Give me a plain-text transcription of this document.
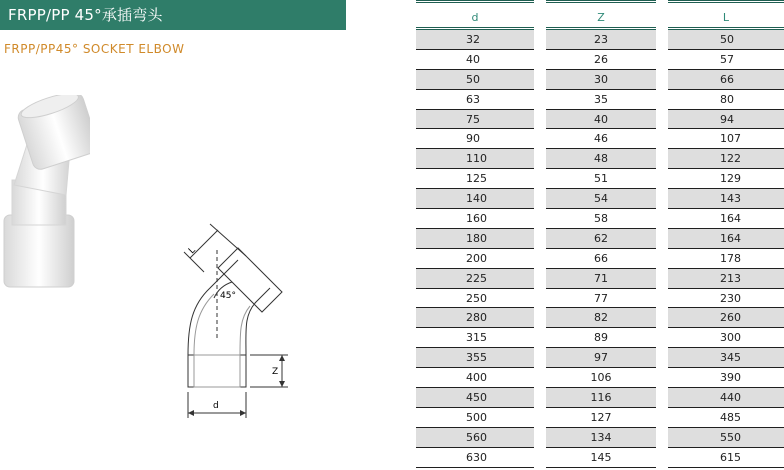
FRPP/PP 45°承插弯头
FRPP/PP45° SOCKET ELBOW
L
45°
Z
d
d
32
40
50
63
75
90
110
125
140
160
180
200
225
250
280
315
355
400
450
500
560
630
Z
23
26
30
35
40
46
48
51
54
58
62
66
71
77
82
89
97
106
116
127
134
145
L
50
57
66
80
94
107
122
129
143
164
164
178
213
230
260
300
345
390
440
485
550
615
